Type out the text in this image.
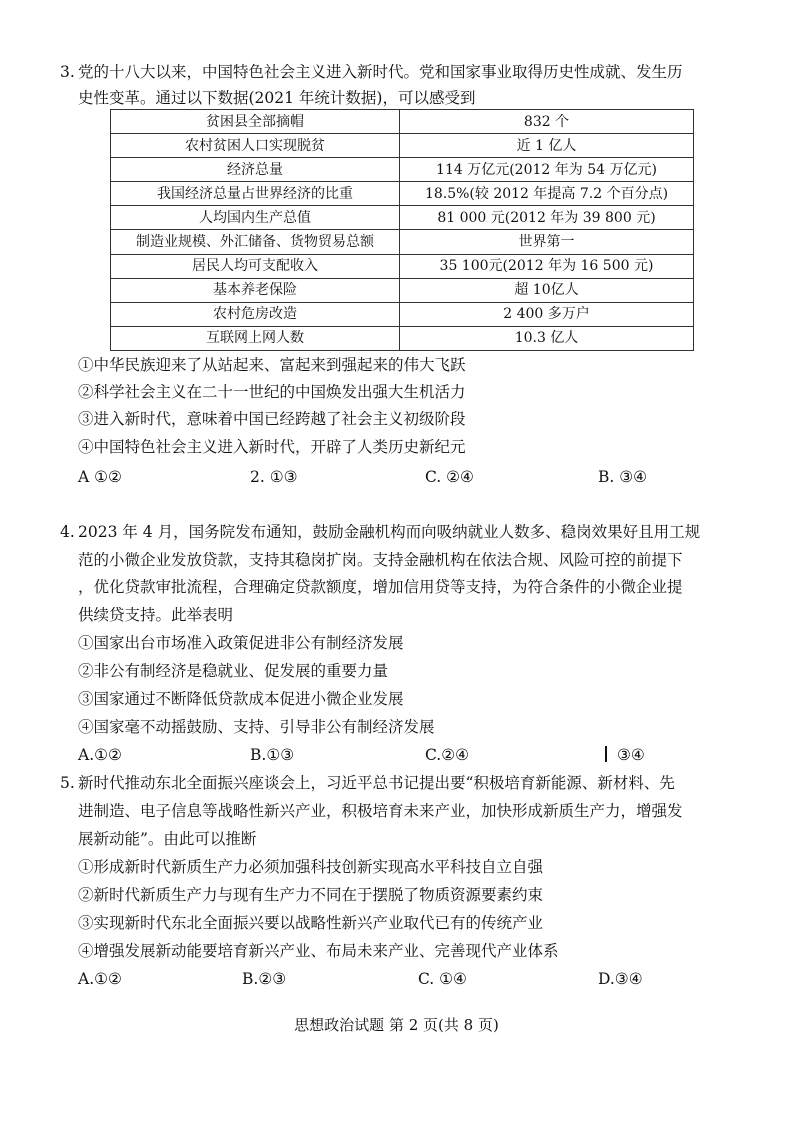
3. 党的十八大以来，中国特色社会主义进入新时代。党和国家事业取得历史性成就、发生历
史性变革。通过以下数据(2021 年统计数据)，可以感受到
贫困县全部摘帽	832 个
农村贫困人口实现脱贫	近 1 亿人
经济总量	114 万亿元(2012 年为 54 万亿元)
我国经济总量占世界经济的比重	18.5%(较 2012 年提高 7.2 个百分点)
人均国内生产总值	81 000 元(2012 年为 39 800 元)
制造业规模、外汇储备、货物贸易总额	世界第一
居民人均可支配收入	35 100元(2012 年为 16 500 元)
基本养老保险	超 10亿人
农村危房改造	2 400 多万户
互联网上网人数	10.3 亿人
①中华民族迎来了从站起来、富起来到强起来的伟大飞跃
②科学社会主义在二十一世纪的中国焕发出强大生机活力
③进入新时代，意味着中国已经跨越了社会主义初级阶段
④中国特色社会主义进入新时代，开辟了人类历史新纪元
A ①②	2. ①③	C. ②④	B. ③④
4. 2023 年 4 月，国务院发布通知，鼓励金融机构而向吸纳就业人数多、稳岗效果好且用工规
范的小微企业发放贷款，支持其稳岗扩岗。支持金融机构在依法合规、风险可控的前提下
，优化贷款审批流程，合理确定贷款额度，增加信用贷等支持，为符合条件的小微企业提
供续贷支持。此举表明
①国家出台市场准入政策促进非公有制经济发展
②非公有制经济是稳就业、促发展的重要力量
③国家通过不断降低贷款成本促进小微企业发展
④国家毫不动摇鼓励、支持、引导非公有制经济发展
A.①②	B.①③	C.②④	③④
5. 新时代推动东北全面振兴座谈会上，习近平总书记提出要“积极培育新能源、新材料、先
进制造、电子信息等战略性新兴产业，积极培育未来产业，加快形成新质生产力，增强发
展新动能”。由此可以推断
①形成新时代新质生产力必须加强科技创新实现高水平科技自立自强
②新时代新质生产力与现有生产力不同在于摆脱了物质资源要素约束
③实现新时代东北全面振兴要以战略性新兴产业取代已有的传统产业
④增强发展新动能要培育新兴产业、布局未来产业、完善现代产业体系
A.①②	B.②③	C. ①④	D.③④
思想政治试题 第 2 页(共 8 页)
